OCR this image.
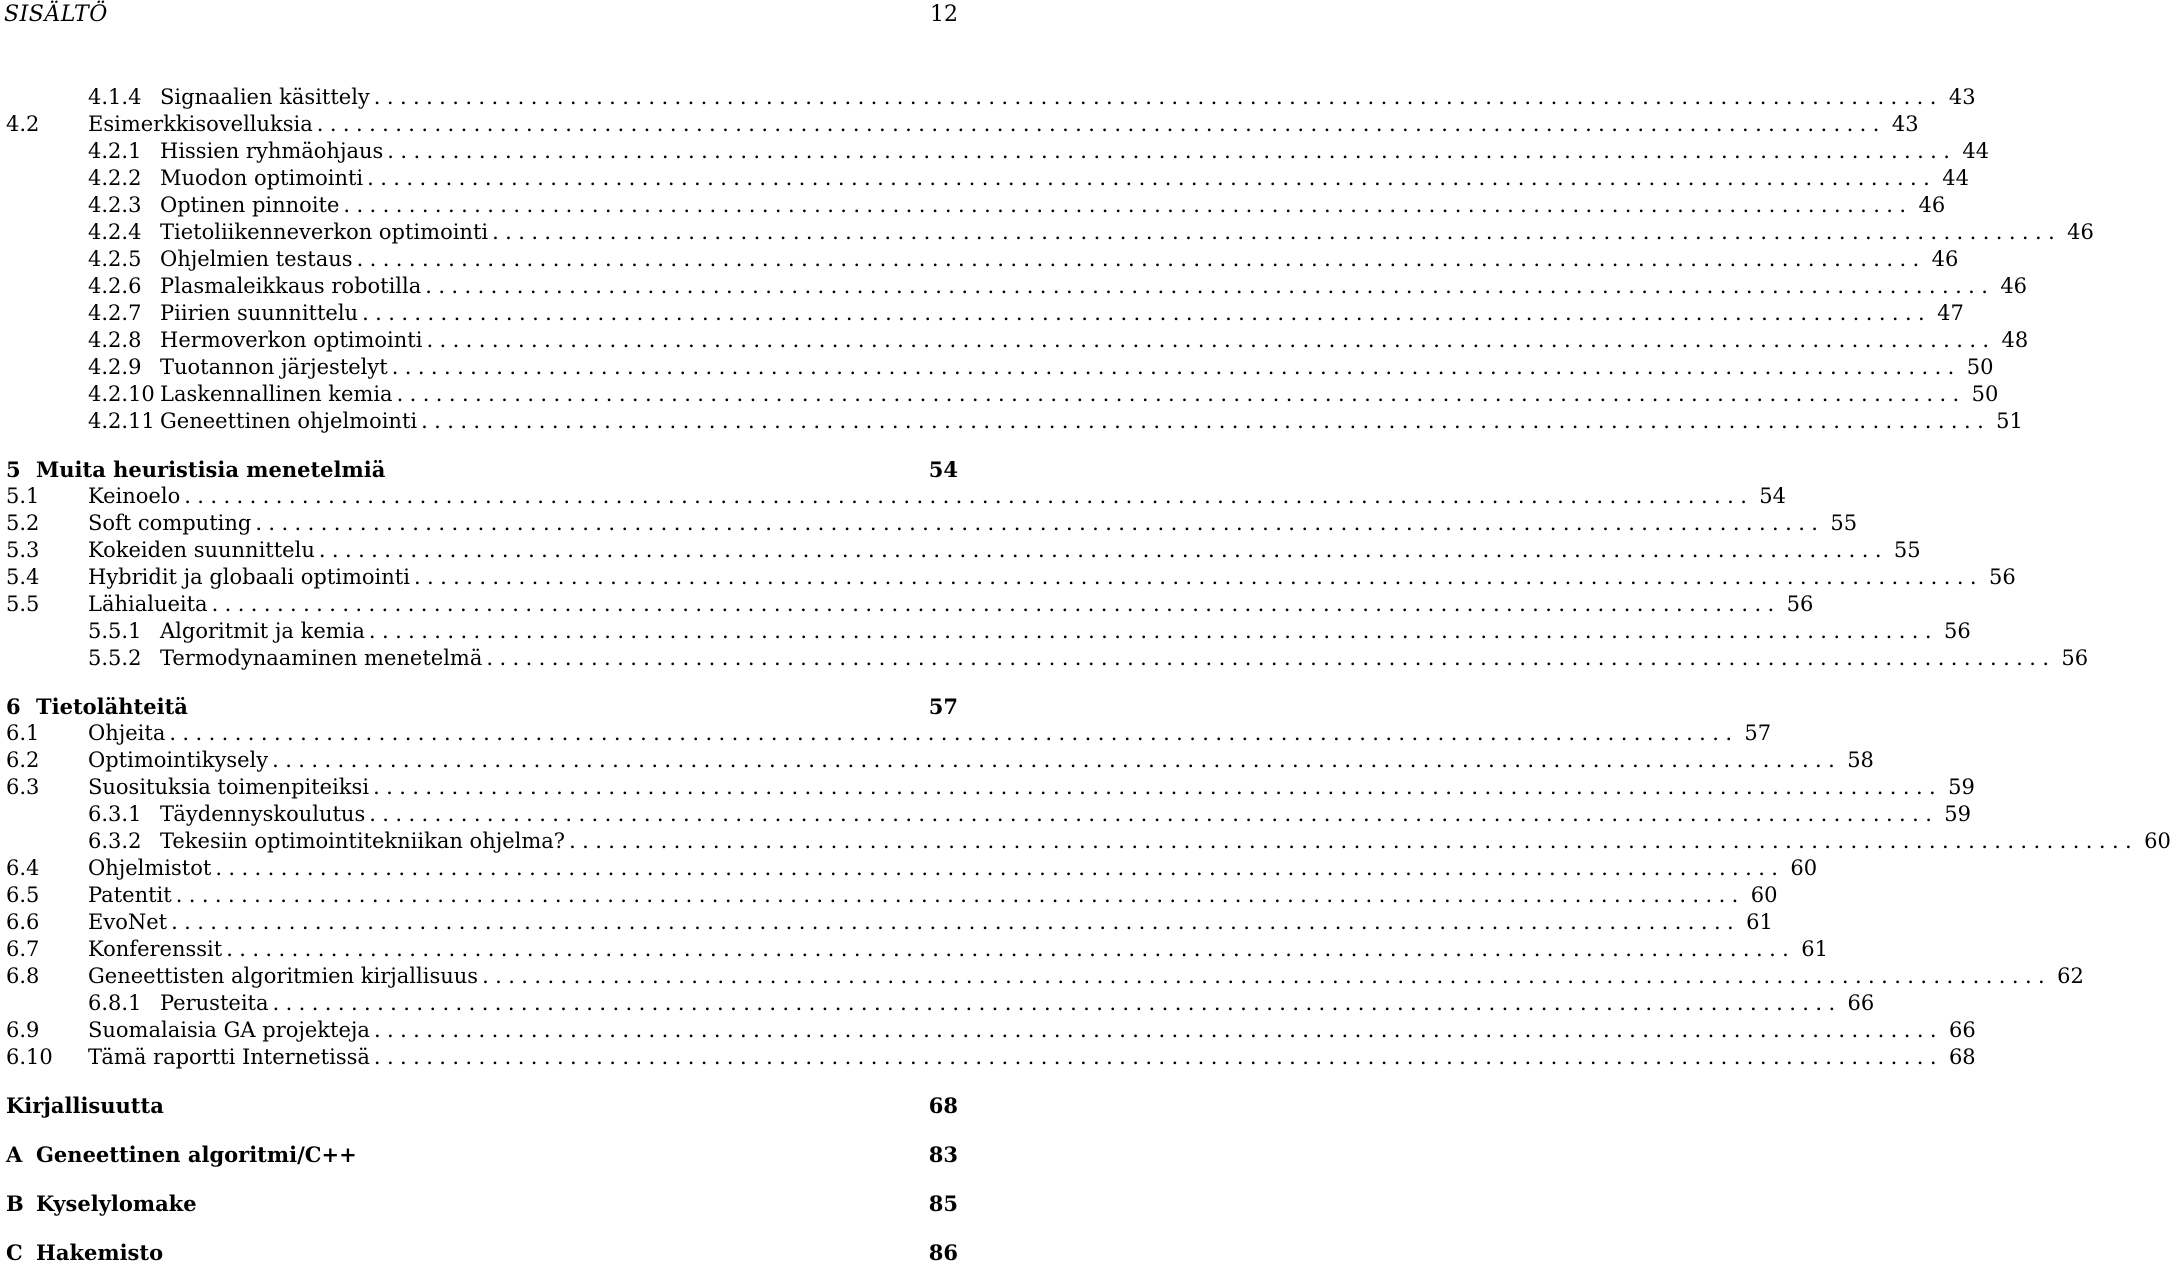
SISÄLTÖ	12
4.1.4 Signaalien käsittely ........................................................................................................................ 43
4.2	Esimerkkisovelluksia ........................................................................................................................ 43
4.2.1 Hissien ryhmäohjaus ........................................................................................................................ 44
4.2.2 Muodon optimointi ........................................................................................................................ 44
4.2.3 Optinen pinnoite ........................................................................................................................ 46
4.2.4 Tietoliikenneverkon optimointi ........................................................................................................................ 46
4.2.5 Ohjelmien testaus ........................................................................................................................ 46
4.2.6 Plasmaleikkaus robotilla ........................................................................................................................ 46
4.2.7 Piirien suunnittelu ........................................................................................................................ 47
4.2.8 Hermoverkon optimointi ........................................................................................................................ 48
4.2.9 Tuotannon järjestelyt ........................................................................................................................ 50
4.2.10 Laskennallinen kemia ........................................................................................................................ 50
4.2.11 Geneettinen ohjelmointi ........................................................................................................................ 51
5 Muita heuristisia menetelmiä	54
5.1	Keinoelo ........................................................................................................................ 54
5.2	Soft computing ........................................................................................................................ 55
5.3	Kokeiden suunnittelu ........................................................................................................................ 55
5.4	Hybridit ja globaali optimointi ........................................................................................................................ 56
5.5	Lähialueita ........................................................................................................................ 56
5.5.1 Algoritmit ja kemia ........................................................................................................................ 56
5.5.2 Termodynaaminen menetelmä ........................................................................................................................ 56
6 Tietolähteitä	57
6.1	Ohjeita ........................................................................................................................ 57
6.2	Optimointikysely ........................................................................................................................ 58
6.3	Suosituksia toimenpiteiksi ........................................................................................................................ 59
6.3.1 Täydennyskoulutus ........................................................................................................................ 59
6.3.2 Tekesiin optimointitekniikan ohjelma? ........................................................................................................................ 60
6.4	Ohjelmistot ........................................................................................................................ 60
6.5	Patentit ........................................................................................................................ 60
6.6	EvoNet ........................................................................................................................ 61
6.7	Konferenssit ........................................................................................................................ 61
6.8	Geneettisten algoritmien kirjallisuus ........................................................................................................................ 62
6.8.1 Perusteita ........................................................................................................................ 66
6.9	Suomalaisia GA projekteja ........................................................................................................................ 66
6.10	Tämä raportti Internetissä ........................................................................................................................ 68
Kirjallisuutta	68
A Geneettinen algoritmi/C++	83
B Kyselylomake	85
C Hakemisto	86
